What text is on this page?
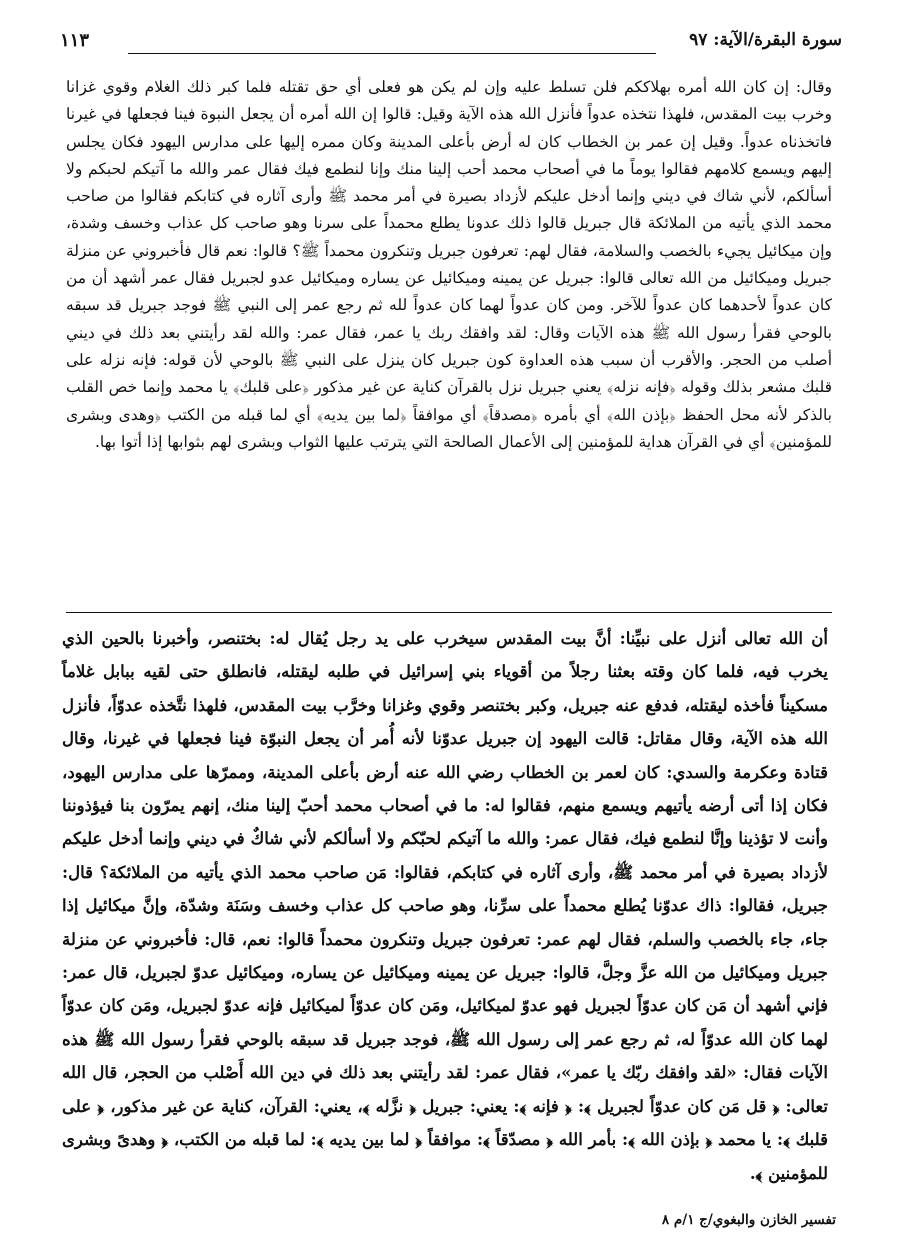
سورة البقرة/الآية: ٩٧
١١٣

وقال: إن كان الله أمره بهلاككم فلن تسلط عليه وإن لم يكن هو فعلى أي حق تقتله فلما كبر ذلك الغلام وقوي غزانا وخرب بيت المقدس، فلهذا نتخذه عدواً فأنزل الله هذه الآية وقيل: قالوا إن الله أمره أن يجعل النبوة فينا فجعلها في غيرنا فاتخذناه عدواً. وقيل إن عمر بن الخطاب كان له أرض بأعلى المدينة وكان ممره إليها على مدارس اليهود فكان يجلس إليهم ويسمع كلامهم فقالوا يوماً ما في أصحاب محمد أحب إلينا منك وإنا لنطمع فيك فقال عمر والله ما آتيكم لحبكم ولا أسألكم، لأني شاك في ديني وإنما أدخل عليكم لأزداد بصيرة في أمر محمد ﷺ وأرى آثاره في كتابكم فقالوا من صاحب محمد الذي يأتيه من الملائكة قال جبريل قالوا ذلك عدونا يطلع محمداً على سرنا وهو صاحب كل عذاب وخسف وشدة، وإن ميكائيل يجيء بالخصب والسلامة، فقال لهم: تعرفون جبريل وتنكرون محمداً ﷺ؟ قالوا: نعم قال فأخبروني عن منزلة جبريل وميكائيل من الله تعالى قالوا: جبريل عن يمينه وميكائيل عن يساره وميكائيل عدو لجبريل فقال عمر أشهد أن من كان عدواً لأحدهما كان عدواً للآخر. ومن كان عدواً لهما كان عدواً لله ثم رجع عمر إلى النبي ﷺ فوجد جبريل قد سبقه بالوحي فقرأ رسول الله ﷺ هذه الآيات وقال: لقد وافقك ربك يا عمر، فقال عمر: والله لقد رأيتني بعد ذلك في ديني أصلب من الحجر. والأقرب أن سبب هذه العداوة كون جبريل كان ينزل على النبي ﷺ بالوحي لأن قوله: فإنه نزله على قلبك مشعر بذلك وقوله ﴿فإنه نزله﴾ يعني جبريل نزل بالقرآن كناية عن غير مذكور ﴿على قلبك﴾ يا محمد وإنما خص القلب بالذكر لأنه محل الحفظ ﴿بإذن الله﴾ أي بأمره ﴿مصدقاً﴾ أي موافقاً ﴿لما بين يديه﴾ أي لما قبله من الكتب ﴿وهدى وبشرى للمؤمنين﴾ أي في القرآن هداية للمؤمنين إلى الأعمال الصالحة التي يترتب عليها الثواب وبشرى لهم بثوابها إذا أتوا بها.

أن الله تعالى أنزل على نبيِّنا: أنَّ بيت المقدس سيخرب على يد رجل يُقال له: بختنصر، وأخبرنا بالحين الذي يخرب فيه، فلما كان وقته بعثنا رجلاً من أقوياء بني إسرائيل في طلبه ليقتله، فانطلق حتى لقيه ببابل غلاماً مسكيناً فأخذه ليقتله، فدفع عنه جبريل، وكبر بختنصر وقوي وغزانا وخرَّب بيت المقدس، فلهذا نتَّخذه عدوّاً، فأنزل الله هذه الآية، وقال مقاتل: قالت اليهود إن جبريل عدوّنا لأنه أُمر أن يجعل النبوّة فينا فجعلها في غيرنا، وقال قتادة وعكرمة والسدي: كان لعمر بن الخطاب رضي الله عنه أرض بأعلى المدينة، وممرّها على مدارس اليهود، فكان إذا أتى أرضه يأتيهم ويسمع منهم، فقالوا له: ما في أصحاب محمد أحبّ إلينا منك، إنهم يمرّون بنا فيؤذوننا وأنت لا تؤذينا وإنَّا لنطمع فيك، فقال عمر: والله ما آتيكم لحبّكم ولا أسألكم لأني شاكٌ في ديني وإنما أدخل عليكم لأزداد بصيرة في أمر محمد ﷺ، وأرى آثاره في كتابكم، فقالوا: مَن صاحب محمد الذي يأتيه من الملائكة؟ قال: جبريل، فقالوا: ذاك عدوّنا يُطلع محمداً على سرِّنا، وهو صاحب كل عذاب وخسف وسَنَة وشدّة، وإنَّ ميكائيل إذا جاء، جاء بالخصب والسلم، فقال لهم عمر: تعرفون جبريل وتنكرون محمداً قالوا: نعم، قال: فأخبروني عن منزلة جبريل وميكائيل من الله عزَّ وجلَّ، قالوا: جبريل عن يمينه وميكائيل عن يساره، وميكائيل عدوّ لجبريل، قال عمر: فإني أشهد أن مَن كان عدوّاً لجبريل فهو عدوّ لميكائيل، ومَن كان عدوّاً لميكائيل فإنه عدوّ لجبريل، ومَن كان عدوّاً لهما كان الله عدوّاً له، ثم رجع عمر إلى رسول الله ﷺ، فوجد جبريل قد سبقه بالوحي فقرأ رسول الله ﷺ هذه الآيات فقال: «لقد وافقك ربّك يا عمر»، فقال عمر: لقد رأيتني بعد ذلك في دين الله أَصْلب من الحجر، قال الله تعالى: ﴿ قل مَن كان عدوّاً لجبريل ﴾: ﴿ فإنه ﴾: يعني: جبريل ﴿ نزَّله ﴾، يعني: القرآن، كناية عن غير مذكور، ﴿ على قلبك ﴾: يا محمد ﴿ بإذن الله ﴾: بأمر الله ﴿ مصدّقاً ﴾: موافقاً ﴿ لما بين يديه ﴾: لما قبله من الكتب، ﴿ وهدىً وبشرى للمؤمنين ﴾.

تفسير الخازن والبغوي/ج ١/م ٨
